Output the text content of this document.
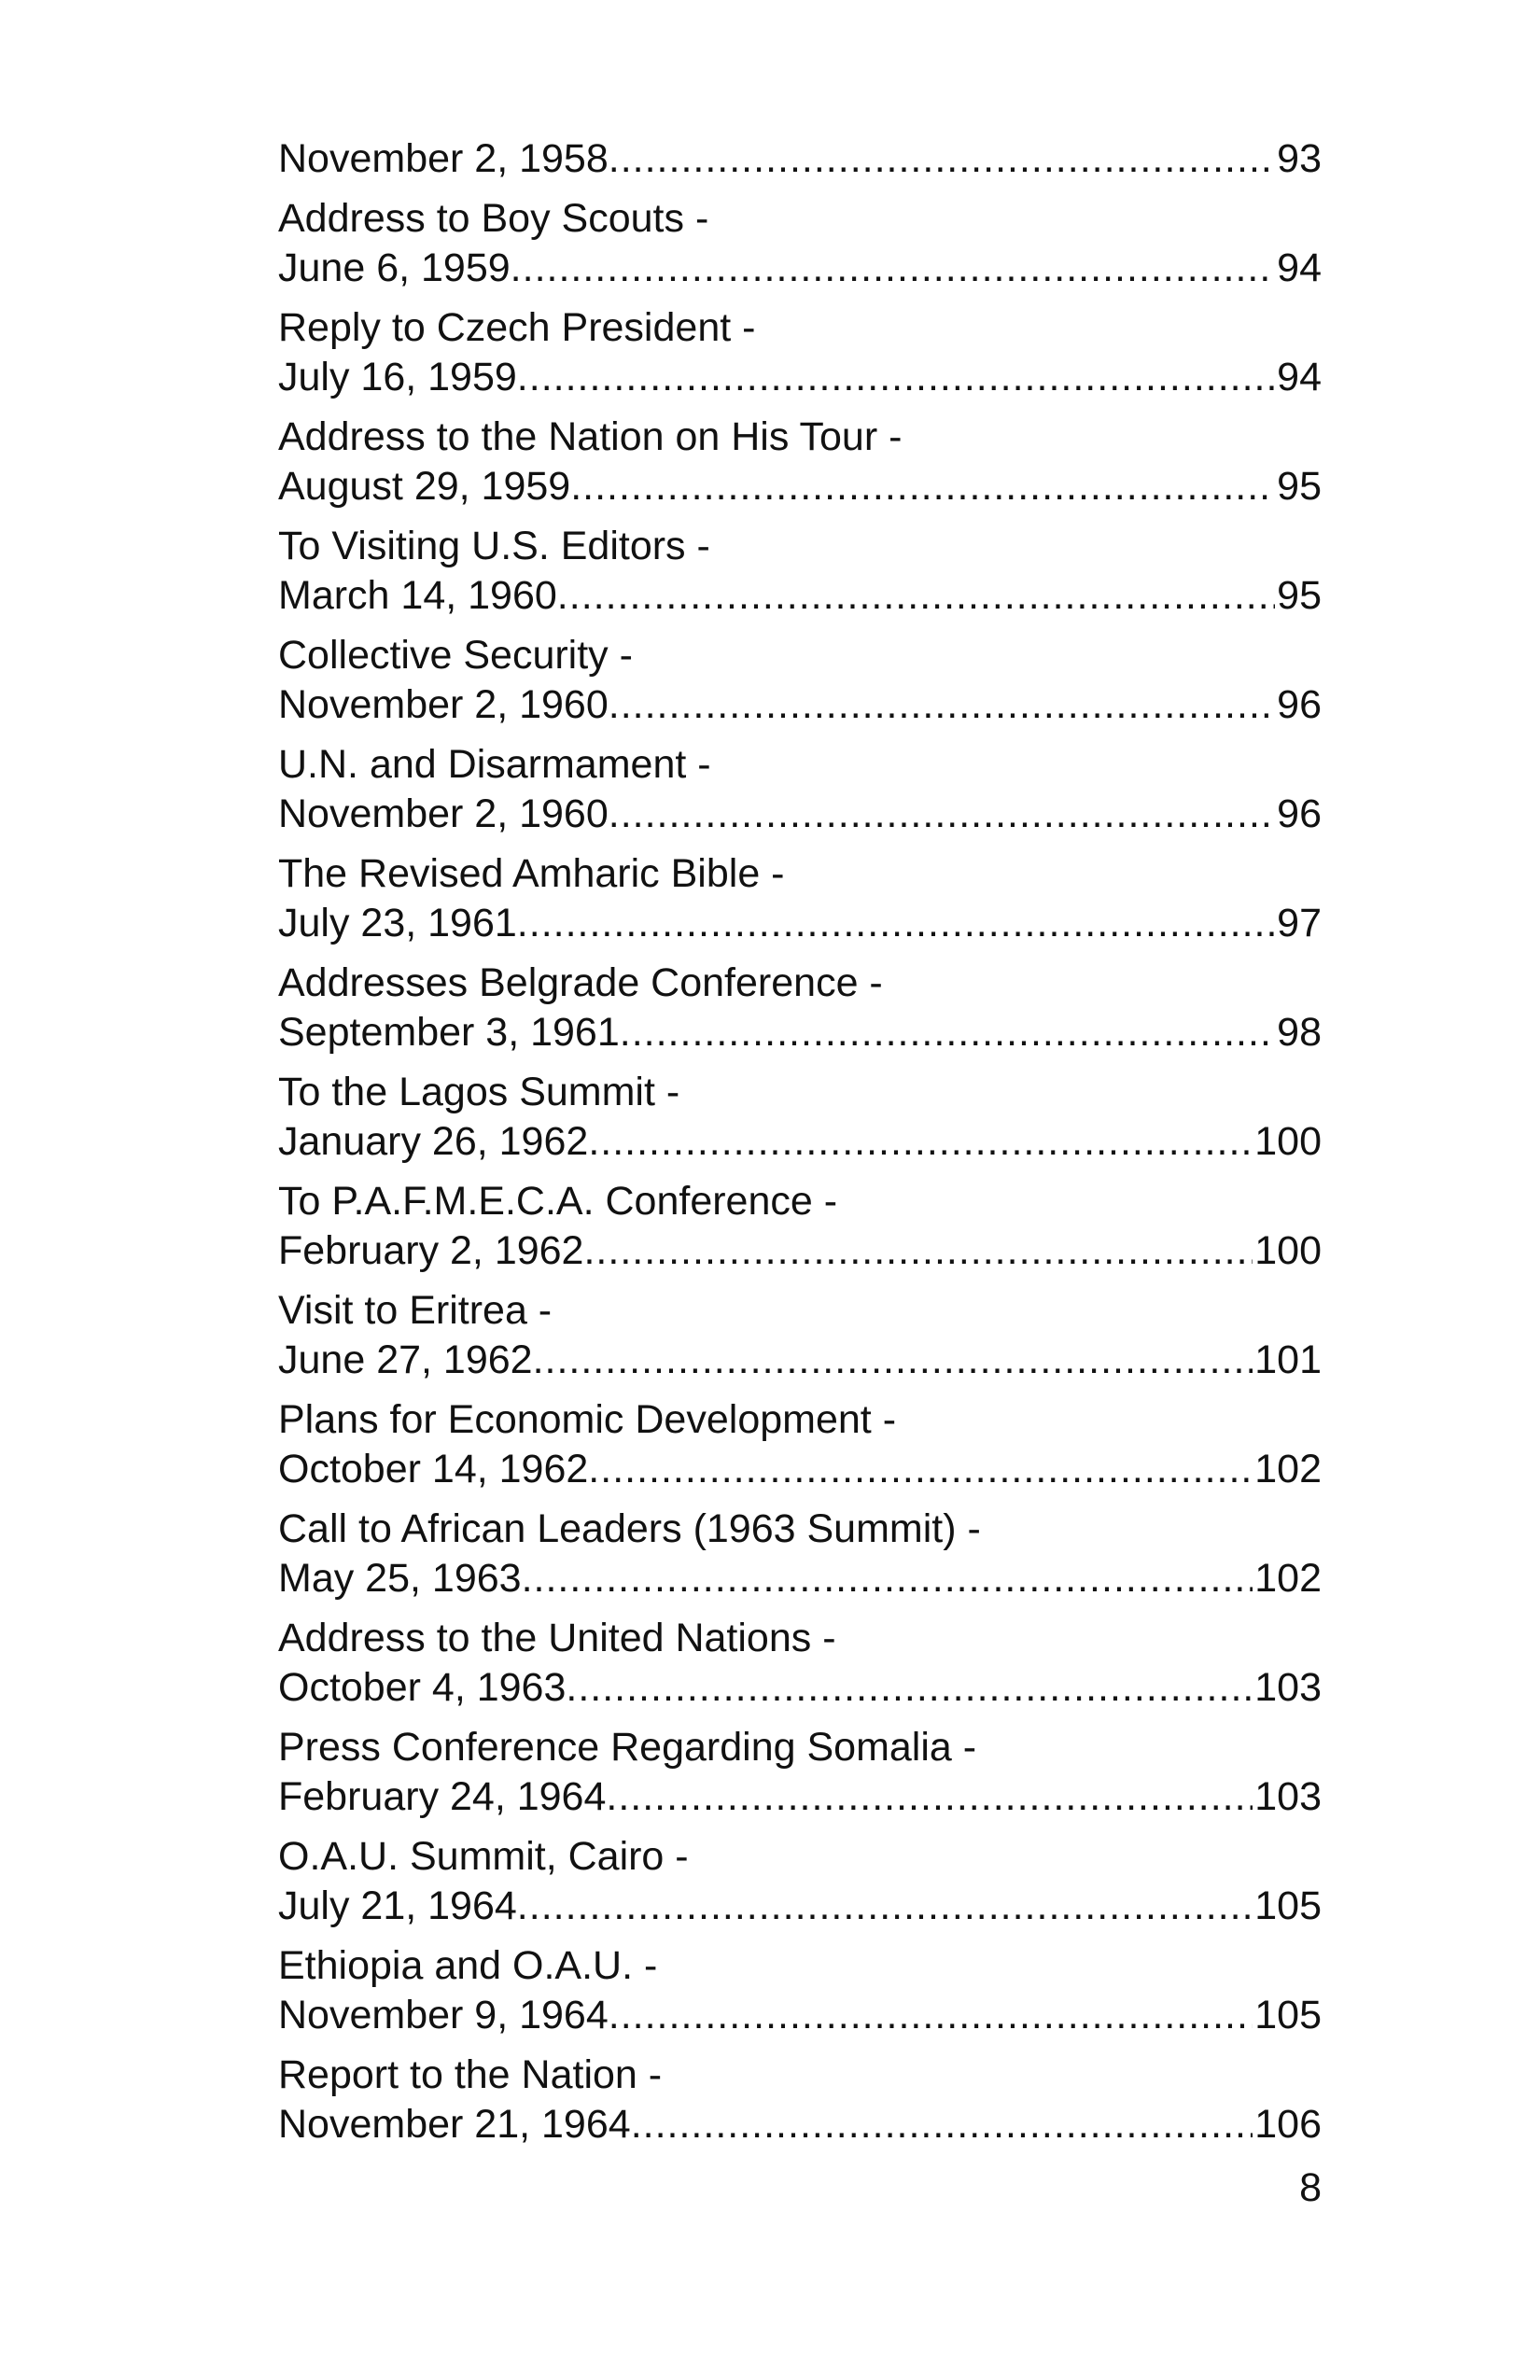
November 2, 1958 .....	93
Address to Boy Scouts -
June 6, 1959 .....	94
Reply to Czech President -
July 16, 1959 .....	94
Address to the Nation on His Tour -
August 29, 1959 .....	95
To Visiting U.S. Editors -
March 14, 1960 .....	95
Collective Security -
November 2, 1960 .....	96
U.N. and Disarmament -
November 2, 1960 .....	96
The Revised Amharic Bible -
July 23, 1961 .....	97
Addresses Belgrade Conference -
September 3, 1961 .....	98
To the Lagos Summit -
January 26, 1962 .....	100
To P.A.F.M.E.C.A. Conference -
February 2, 1962 .....	100
Visit to Eritrea -
June 27, 1962 .....	101
Plans for Economic Development -
October 14, 1962 .....	102
Call to African Leaders (1963 Summit) -
May 25, 1963 .....	102
Address to the United Nations -
October 4, 1963 .....	103
Press Conference Regarding Somalia -
February 24, 1964 .....	103
O.A.U. Summit, Cairo -
July 21, 1964 .....	105
Ethiopia and O.A.U. -
November 9, 1964 .....	105
Report to the Nation -
November 21, 1964 .....	106
8
